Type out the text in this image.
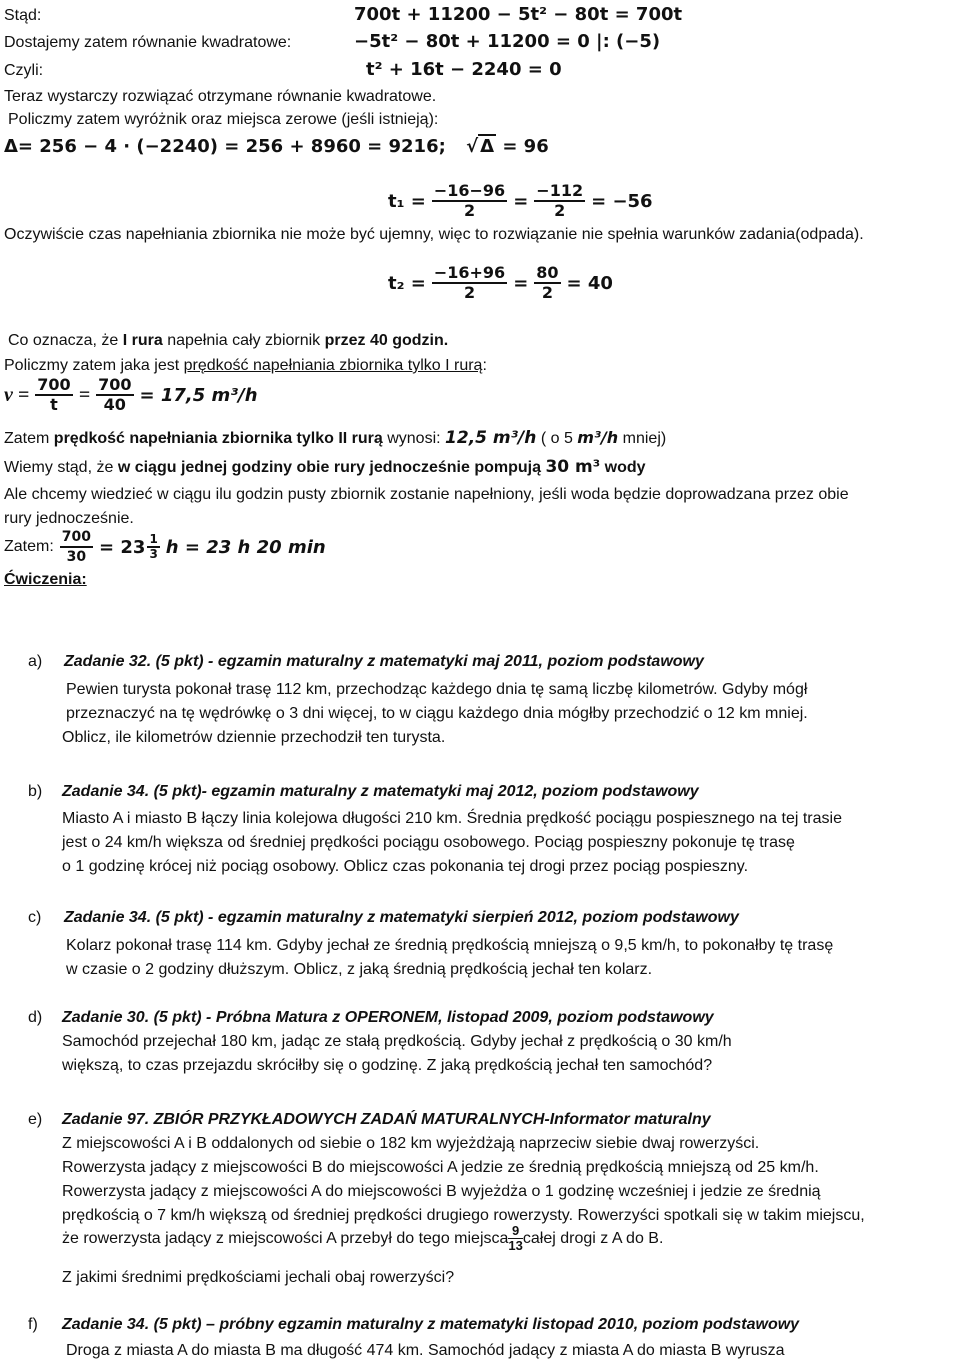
Stąd:	700t + 11200 − 5t² − 80t = 700t
Dostajemy zatem równanie kwadratowe:	−5t² − 80t + 11200 = 0 |: (−5)
Czyli:	t² + 16t − 2240 = 0
Teraz wystarczy rozwiązać otrzymane równanie kwadratowe.
Policzmy zatem wyróżnik oraz miejsca zerowe (jeśli istnieją):
Δ= 256 − 4 · (−2240) = 256 + 8960 = 9216; √ Δ = 96
$t_1 = \frac{-16-96}{2} = \frac{-112}{2} = -56$
Oczywiście czas napełniania zbiornika nie może być ujemny, więc to rozwiązanie nie spełnia warunków zadania(odpada).
$t_2 = \frac{-16+96}{2} = \frac{80}{2} = 40$
Co oznacza, że I rura napełnia cały zbiornik przez 40 godzin.
Policzmy zatem jaka jest prędkość napełniania zbiornika tylko I rurą:
$v = \frac{700}{t} = \frac{700}{40} = 17,5$ m³/h
Zatem prędkość napełniania zbiornika tylko II rurą wynosi: 12,5 m³/h ( o 5 m³/h mniej)
Wiemy stąd, że w ciągu jednej godziny obie rury jednocześnie pompują 30 m³ wody
Ale chcemy wiedzieć w ciągu ilu godzin pusty zbiornik zostanie napełniony, jeśli woda będzie doprowadzana przez obie
rury jednocześnie.
Zatem: $\frac{700}{30} = 23 \frac{1}{3}$ h = 23 h 20 min
Ćwiczenia:
a) Zadanie 32. (5 pkt) - egzamin maturalny z matematyki maj 2011, poziom podstawowy
Pewien turysta pokonał trasę 112 km, przechodząc każdego dnia tę samą liczbę kilometrów. Gdyby mógł
przeznaczyć na tę wędrówkę o 3 dni więcej, to w ciągu każdego dnia mógłby przechodzić o 12 km mniej.
Oblicz, ile kilometrów dziennie przechodził ten turysta.
b) Zadanie 34. (5 pkt)- egzamin maturalny z matematyki maj 2012, poziom podstawowy
Miasto A i miasto B łączy linia kolejowa długości 210 km. Średnia prędkość pociągu pospiesznego na tej trasie
jest o 24 km/h większa od średniej prędkości pociągu osobowego. Pociąg pospieszny pokonuje tę trasę
o 1 godzinę krócej niż pociąg osobowy. Oblicz czas pokonania tej drogi przez pociąg pospieszny.
c) Zadanie 34. (5 pkt) - egzamin maturalny z matematyki sierpień 2012, poziom podstawowy
Kolarz pokonał trasę 114 km. Gdyby jechał ze średnią prędkością mniejszą o 9,5 km/h, to pokonałby tę trasę
w czasie o 2 godziny dłuższym. Oblicz, z jaką średnią prędkością jechał ten kolarz.
d) Zadanie 30. (5 pkt) - Próbna Matura z OPERONEM, listopad 2009, poziom podstawowy
Samochód przejechał 180 km, jadąc ze stałą prędkością. Gdyby jechał z prędkością o 30 km/h
większą, to czas przejazdu skróciłby się o godzinę. Z jaką prędkością jechał ten samochód?
e) Zadanie 97. ZBIÓR PRZYKŁADOWYCH ZADAŃ MATURALNYCH-Informator maturalny
Z miejscowości A i B oddalonych od siebie o 182 km wyjeżdżają naprzeciw siebie dwaj rowerzyści.
Rowerzysta jadący z miejscowości B do miejscowości A jedzie ze średnią prędkością mniejszą od 25 km/h.
Rowerzysta jadący z miejscowości A do miejscowości B wyjeżdża o 1 godzinę wcześniej i jedzie ze średnią
prędkością o 7 km/h większą od średniej prędkości drugiego rowerzysty. Rowerzyści spotkali się w takim miejscu,
że rowerzysta jadący z miejscowości A przebył do tego miejsca $\frac{9}{13}$ całej drogi z A do B.
Z jakimi średnimi prędkościami jechali obaj rowerzyści?
f) Zadanie 34. (5 pkt) – próbny egzamin maturalny z matematyki listopad 2010, poziom podstawowy
Droga z miasta A do miasta B ma długość 474 km. Samochód jadący z miasta A do miasta B wyrusza
